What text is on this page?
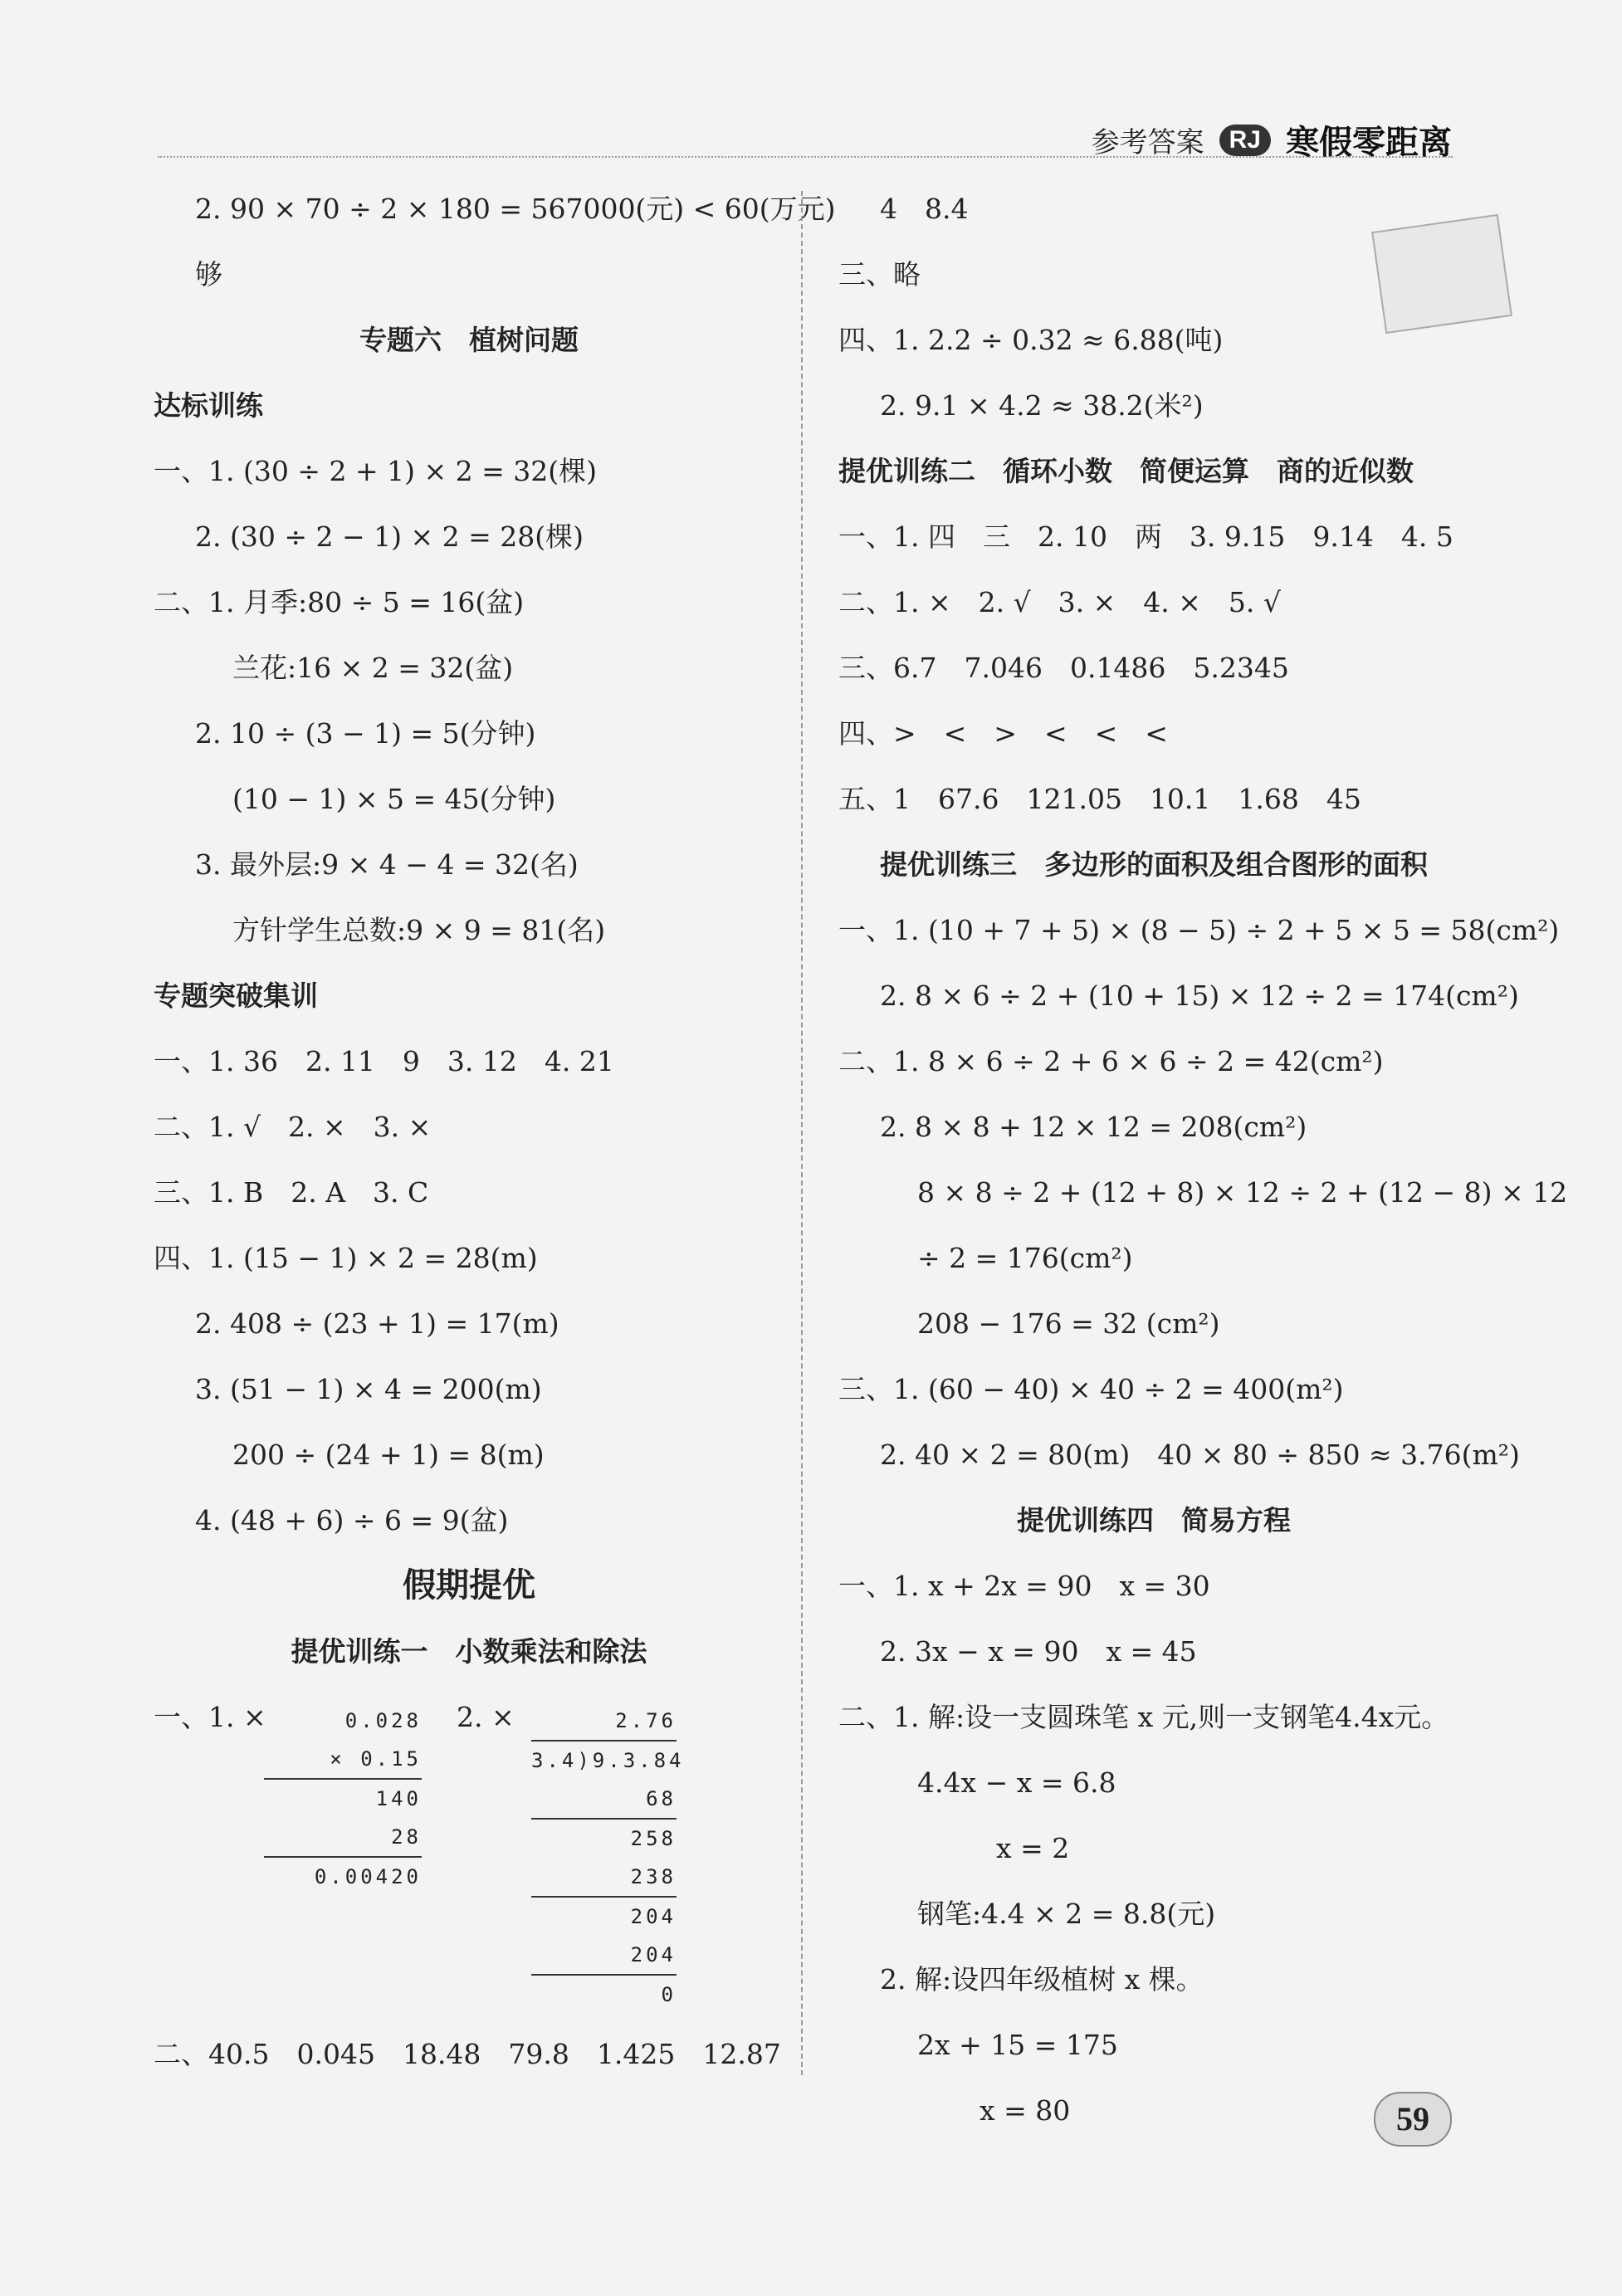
参考答案	RJ 寒假零距离
2. 90 × 70 ÷ 2 × 180 = 567000(元) < 60(万元)
够
专题六　植树问题
达标训练
一、1. (30 ÷ 2 + 1) × 2 = 32(棵)
2. (30 ÷ 2 − 1) × 2 = 28(棵)
二、1. 月季:80 ÷ 5 = 16(盆)
兰花:16 × 2 = 32(盆)
2. 10 ÷ (3 − 1) = 5(分钟)
(10 − 1) × 5 = 45(分钟)
3. 最外层:9 × 4 − 4 = 32(名)
方针学生总数:9 × 9 = 81(名)
专题突破集训
一、1. 36　2. 11　9　3. 12　4. 21
二、1. √　2. ×　3. ×
三、1. B　2. A　3. C
四、1. (15 − 1) × 2 = 28(m)
2. 408 ÷ (23 + 1) = 17(m)
3. (51 − 1) × 4 = 200(m)
200 ÷ (24 + 1) = 8(m)
4. (48 + 6) ÷ 6 = 9(盆)
假期提优
提优训练一　小数乘法和除法
一、1. ×	2. ×
0.028
× 0.15
140
28
0.00420
2.76
3.4)9.3.84
68
258
238
204
204
0
二、40.5　0.045　18.48　79.8　1.425　12.87
4　8.4
三、略
四、1. 2.2 ÷ 0.32 ≈ 6.88(吨)
2. 9.1 × 4.2 ≈ 38.2(米²)
提优训练二　循环小数　简便运算　商的近似数
一、1. 四　三　2. 10　两　3. 9.15　9.14　4. 5
二、1. ×　2. √　3. ×　4. ×　5. √
三、6.7　7.046　0.1486　5.2345
四、>　<　>　<　<　<
五、1　67.6　121.05　10.1　1.68　45
提优训练三　多边形的面积及组合图形的面积
一、1. (10 + 7 + 5) × (8 − 5) ÷ 2 + 5 × 5 = 58(cm²)
2. 8 × 6 ÷ 2 + (10 + 15) × 12 ÷ 2 = 174(cm²)
二、1. 8 × 6 ÷ 2 + 6 × 6 ÷ 2 = 42(cm²)
2. 8 × 8 + 12 × 12 = 208(cm²)
8 × 8 ÷ 2 + (12 + 8) × 12 ÷ 2 + (12 − 8) × 12
÷ 2 = 176(cm²)
208 − 176 = 32 (cm²)
三、1. (60 − 40) × 40 ÷ 2 = 400(m²)
2. 40 × 2 = 80(m)　40 × 80 ÷ 850 ≈ 3.76(m²)
提优训练四　简易方程
一、1. x + 2x = 90　x = 30
2. 3x − x = 90　x = 45
二、1. 解:设一支圆珠笔 x 元,则一支钢笔4.4x元。
4.4x − x = 6.8
x = 2
钢笔:4.4 × 2 = 8.8(元)
2. 解:设四年级植树 x 棵。
2x + 15 = 175
x = 80	59
